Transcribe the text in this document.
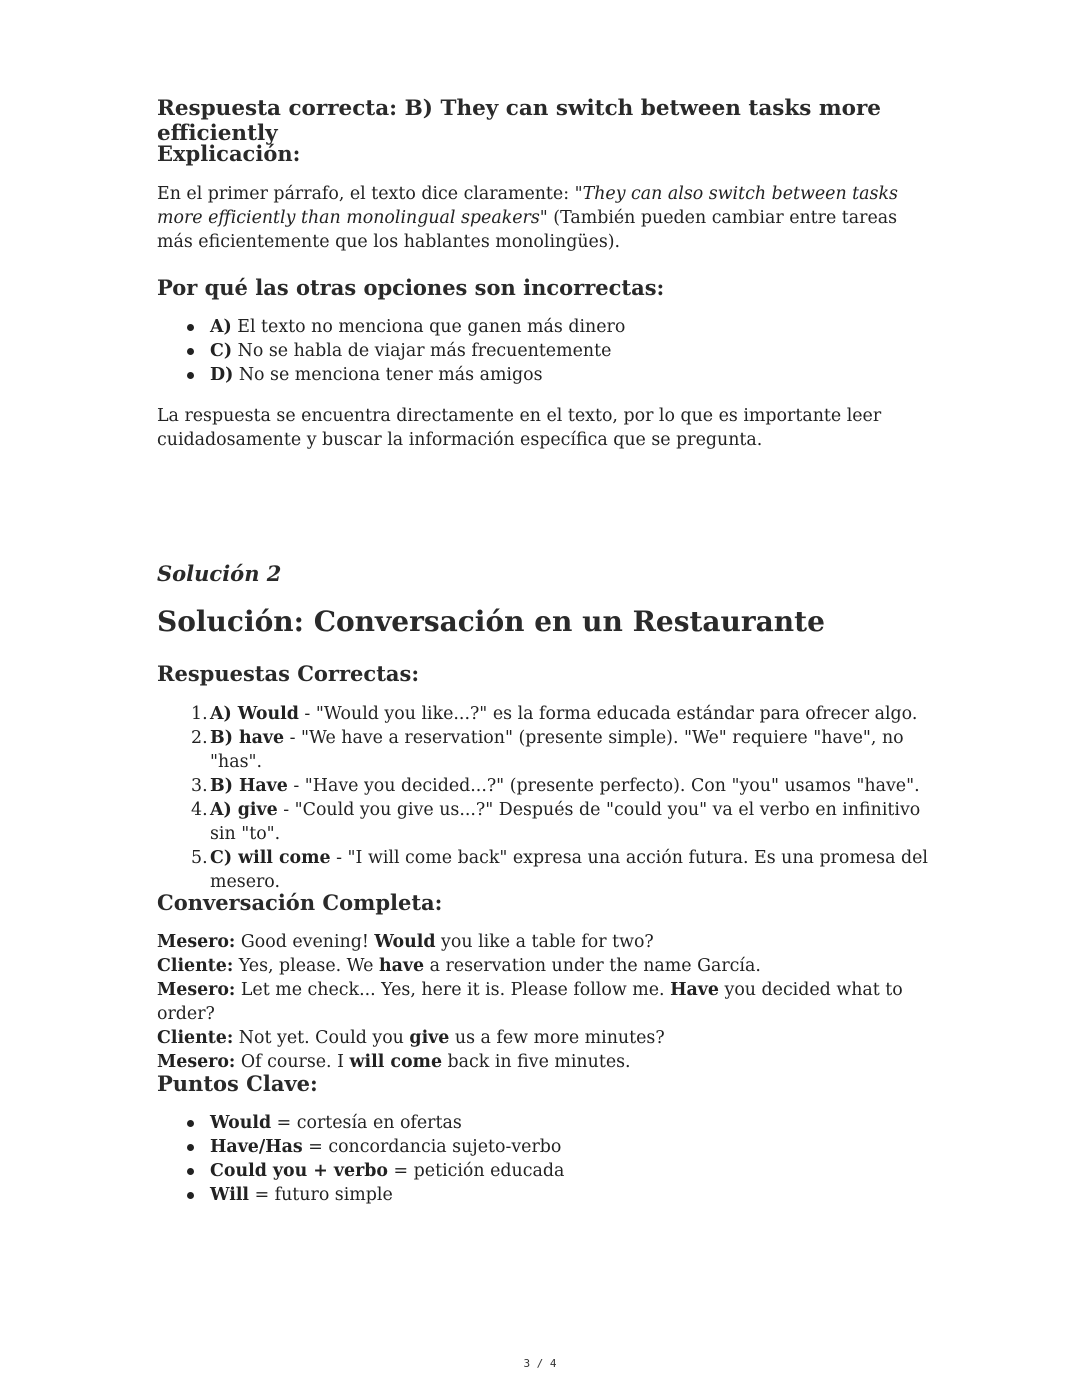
Respuesta correcta: B) They can switch between tasks more efficiently
Explicación:
En el primer párrafo, el texto dice claramente: "They can also switch between tasks more efficiently than monolingual speakers" (También pueden cambiar entre tareas más eficientemente que los hablantes monolingües).
Por qué las otras opciones son incorrectas:
A) El texto no menciona que ganen más dinero
C) No se habla de viajar más frecuentemente
D) No se menciona tener más amigos
La respuesta se encuentra directamente en el texto, por lo que es importante leer cuidadosamente y buscar la información específica que se pregunta.
Solución 2
Solución: Conversación en un Restaurante
Respuestas Correctas:
1. A) Would - "Would you like...?" es la forma educada estándar para ofrecer algo.
2. B) have - "We have a reservation" (presente simple). "We" requiere "have", no "has".
3. B) Have - "Have you decided...?" (presente perfecto). Con "you" usamos "have".
4. A) give - "Could you give us...?" Después de "could you" va el verbo en infinitivo sin "to".
5. C) will come - "I will come back" expresa una acción futura. Es una promesa del mesero.
Conversación Completa:
Mesero: Good evening! Would you like a table for two?
Cliente: Yes, please. We have a reservation under the name García.
Mesero: Let me check... Yes, here it is. Please follow me. Have you decided what to order?
Cliente: Not yet. Could you give us a few more minutes?
Mesero: Of course. I will come back in five minutes.
Puntos Clave:
Would = cortesía en ofertas
Have/Has = concordancia sujeto-verbo
Could you + verbo = petición educada
Will = futuro simple
3 / 4
